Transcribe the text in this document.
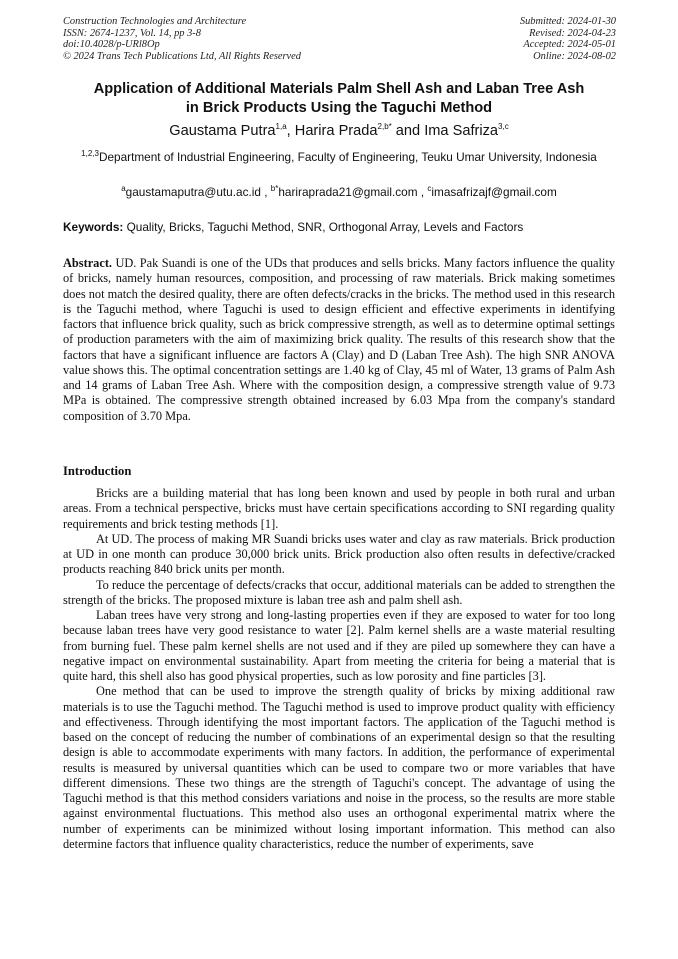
Construction Technologies and Architecture
ISSN: 2674-1237, Vol. 14, pp 3-8
doi:10.4028/p-URl8Op
© 2024 Trans Tech Publications Ltd, All Rights Reserved
Submitted: 2024-01-30
Revised: 2024-04-23
Accepted: 2024-05-01
Online: 2024-08-02
Application of Additional Materials Palm Shell Ash and Laban Tree Ash
in Brick Products Using the Taguchi Method
Gaustama Putra$^{1,a}$, Harira Prada$^{2,b*}$ and Ima Safriza$^{3,c}$
$^{1,2,3}$Department of Industrial Engineering, Faculty of Engineering, Teuku Umar University, Indonesia
$^a$gaustamaputra@utu.ac.id , $^{b*}$hariraprada21@gmail.com , $^c$imasafrizajf@gmail.com
Keywords: Quality, Bricks, Taguchi Method, SNR, Orthogonal Array, Levels and Factors
Abstract. UD. Pak Suandi is one of the UDs that produces and sells bricks. Many factors influence the quality of bricks, namely human resources, composition, and processing of raw materials. Brick making sometimes does not match the desired quality, there are often defects/cracks in the bricks. The method used in this research is the Taguchi method, where Taguchi is used to design efficient and effective experiments in identifying factors that influence brick quality, such as brick compressive strength, as well as to determine optimal settings of production parameters with the aim of maximizing brick quality. The results of this research show that the factors that have a significant influence are factors A (Clay) and D (Laban Tree Ash). The high SNR ANOVA value shows this. The optimal concentration settings are 1.40 kg of Clay, 45 ml of Water, 13 grams of Palm Ash and 14 grams of Laban Tree Ash. Where with the composition design, a compressive strength value of 9.73 MPa is obtained. The compressive strength obtained increased by 6.03 Mpa from the company's standard composition of 3.70 Mpa.
Introduction

Bricks are a building material that has long been known and used by people in both rural and urban areas. From a technical perspective, bricks must have certain specifications according to SNI regarding quality requirements and brick testing methods [1].

At UD. The process of making MR Suandi bricks uses water and clay as raw materials. Brick production at UD in one month can produce 30,000 brick units. Brick production also often results in defective/cracked products reaching 840 brick units per month.

To reduce the percentage of defects/cracks that occur, additional materials can be added to strengthen the strength of the bricks. The proposed mixture is laban tree ash and palm shell ash.

Laban trees have very strong and long-lasting properties even if they are exposed to water for too long because laban trees have very good resistance to water [2]. Palm kernel shells are a waste material resulting from burning fuel. These palm kernel shells are not used and if they are piled up somewhere they can have a negative impact on environmental sustainability. Apart from meeting the criteria for being a material that is quite hard, this shell also has good physical properties, such as low porosity and fine particles [3].

One method that can be used to improve the strength quality of bricks by mixing additional raw materials is to use the Taguchi method. The Taguchi method is used to improve product quality with efficiency and effectiveness. Through identifying the most important factors. The application of the Taguchi method is based on the concept of reducing the number of combinations of an experimental design so that the resulting design is able to accommodate experiments with many factors. In addition, the performance of experimental results is measured by universal quantities which can be used to compare two or more variables that have different dimensions. These two things are the strength of Taguchi's concept. The advantage of using the Taguchi method is that this method considers variations and noise in the process, so the results are more stable against environmental fluctuations. This method also uses an orthogonal experimental matrix where the number of experiments can be minimized without losing important information. This method can also determine factors that influence quality characteristics, reduce the number of experiments, save
